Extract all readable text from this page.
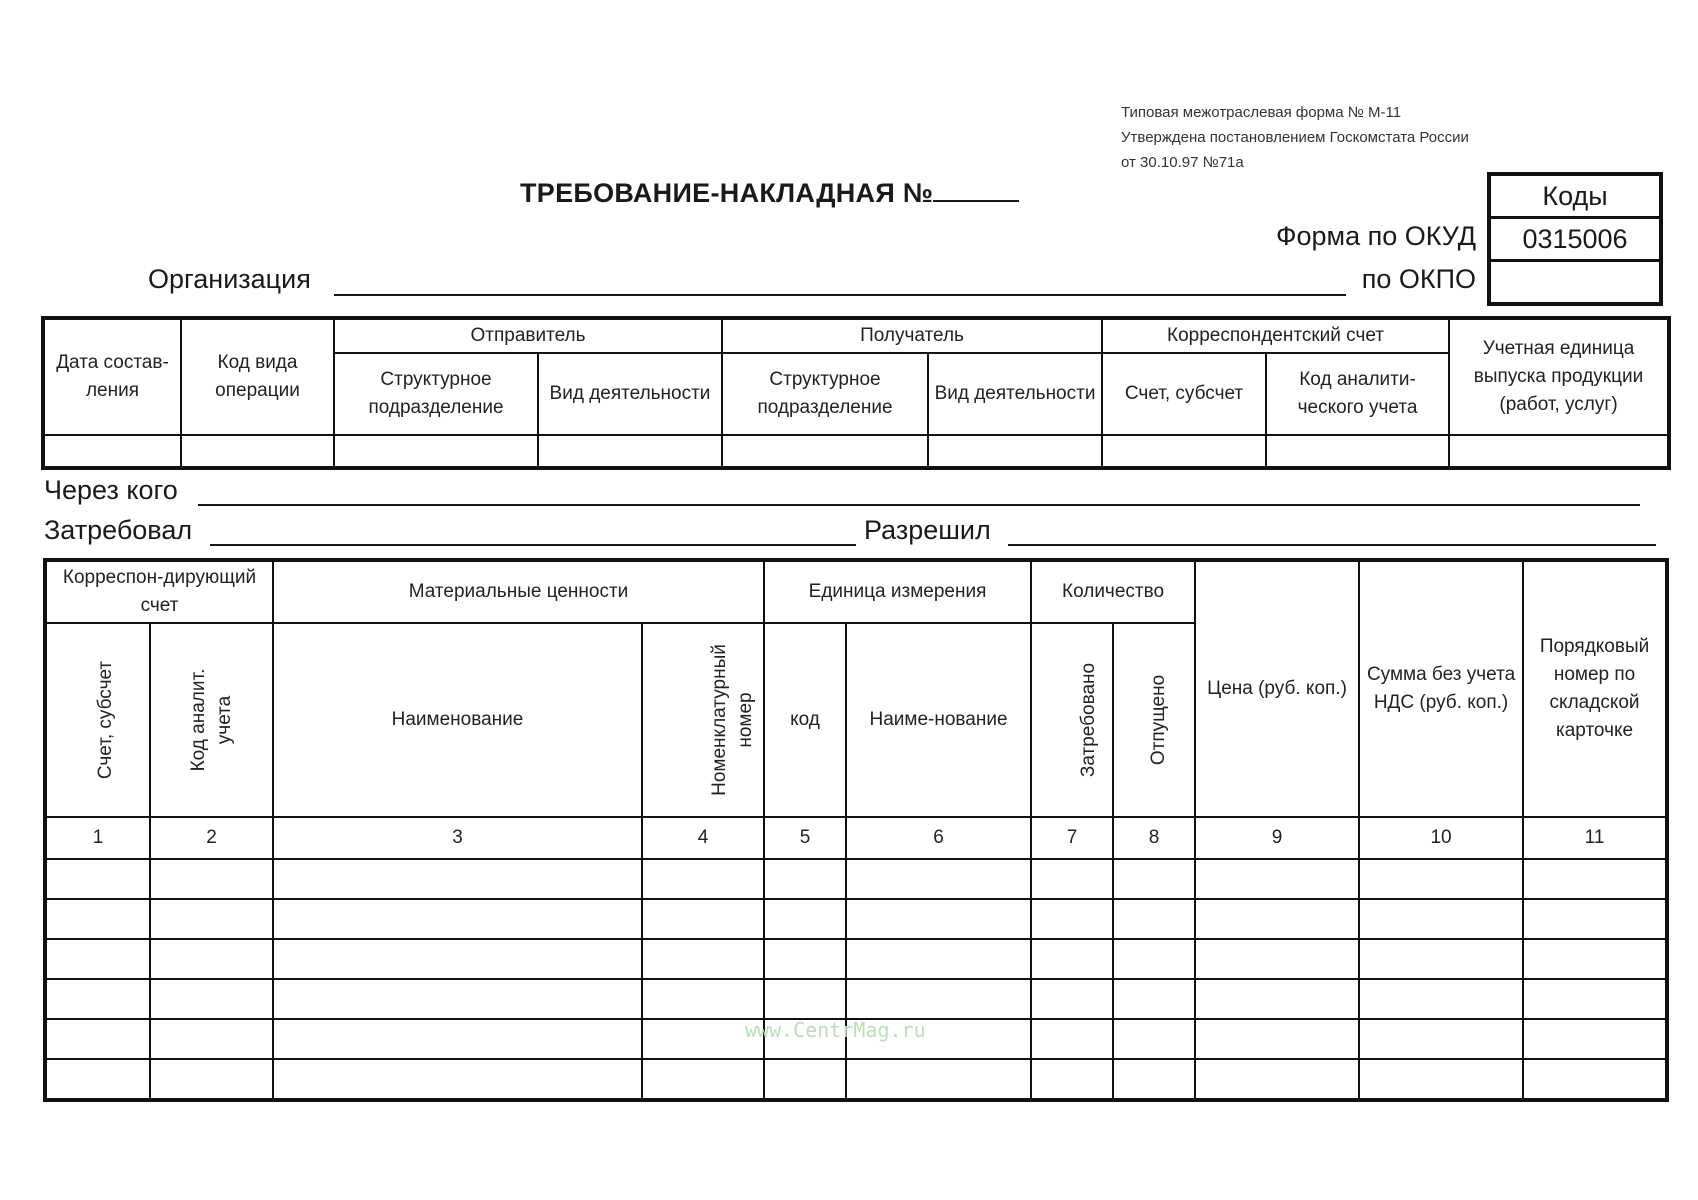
Типовая межотраслевая форма № М-11
Утверждена постановлением Госкомстата России
от 30.10.97 №71а
ТРЕБОВАНИЕ-НАКЛАДНАЯ №	Коды
0315006
Форма по ОКУД
по ОКПО
Организация
Дата состав-ления	Код вида операции	Отправитель		Получатель		Корреспондентский счет		Учетная единица выпуска продукции (работ, услуг)
		Структурное подразделение	Вид деятельности	Структурное подразделение	Вид деятельности	Счет, субсчет	Код аналити-ческого учета	

Через кого
Затребовал	Разрешил
Корреспон-дирующий счет		Материальные ценности		Единица измерения		Количество		Цена (руб. коп.)	Сумма без учета НДС (руб. коп.)	Порядковый номер по складской карточке
Счет, субсчет	Код аналит. учета	Наименование	Номенклатурный номер	код	Наиме-нование	Затребовано	Отпущено			
1	2	3	4	5	6	7	8	9	10	11

www.CentrMag.ru
